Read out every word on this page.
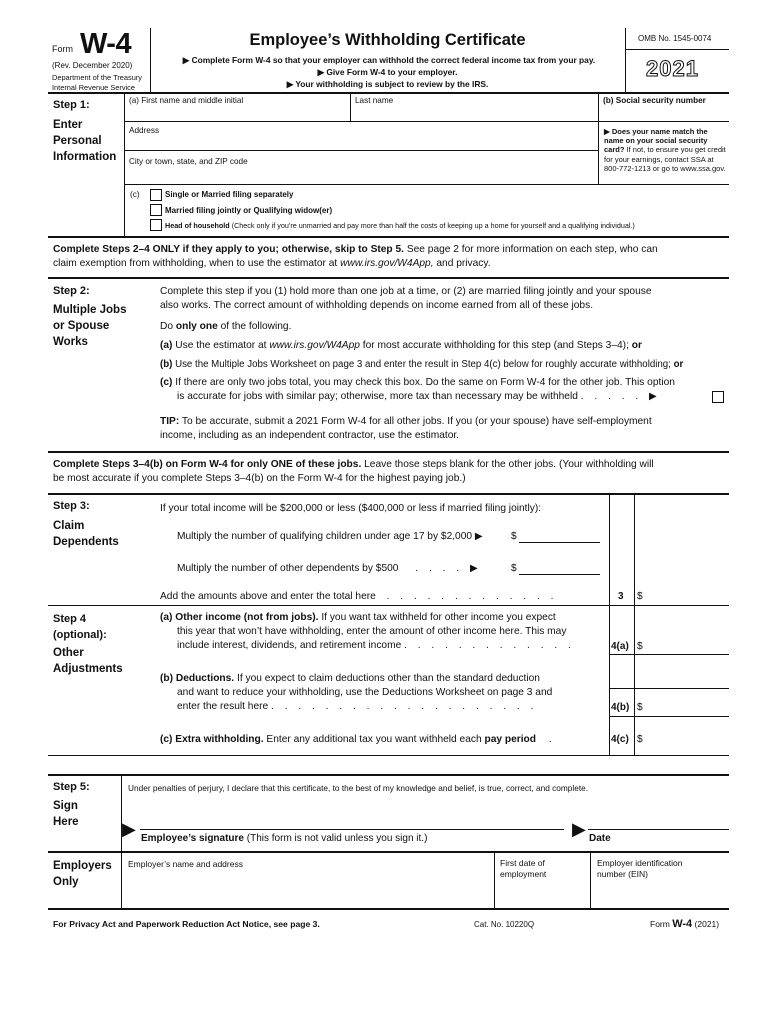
Form W-4
(Rev. December 2020)
Department of the Treasury
Internal Revenue Service
Employee’s Withholding Certificate
▶ Complete Form W-4 so that your employer can withhold the correct federal income tax from your pay.
▶ Give Form W-4 to your employer.
▶ Your withholding is subject to review by the IRS.
OMB No. 1545-0074
2021
Step 1:
Enter
Personal
Information
(a) First name and middle initial	Last name	(b) Social security number
Address
City or town, state, and ZIP code
▶ Does your name match the name on your social security card? If not, to ensure you get credit for your earnings, contact SSA at 800-772-1213 or go to www.ssa.gov.
(c)	Single or Married filing separately
Married filing jointly or Qualifying widow(er)
Head of household (Check only if you’re unmarried and pay more than half the costs of keeping up a home for yourself and a qualifying individual.)
Complete Steps 2–4 ONLY if they apply to you; otherwise, skip to Step 5. See page 2 for more information on each step, who can
claim exemption from withholding, when to use the estimator at www.irs.gov/W4App, and privacy.
Step 2:
Multiple Jobs
or Spouse
Works
Complete this step if you (1) hold more than one job at a time, or (2) are married filing jointly and your spouse
also works. The correct amount of withholding depends on income earned from all of these jobs.
Do only one of the following.
(a) Use the estimator at www.irs.gov/W4App for most accurate withholding for this step (and Steps 3–4); or
(b) Use the Multiple Jobs Worksheet on page 3 and enter the result in Step 4(c) below for roughly accurate withholding; or
(c) If there are only two jobs total, you may check this box. Do the same on Form W-4 for the other job. This option
is accurate for jobs with similar pay; otherwise, more tax than necessary may be withheld . . . . . ▶
TIP: To be accurate, submit a 2021 Form W-4 for all other jobs. If you (or your spouse) have self-employment
income, including as an independent contractor, use the estimator.
Complete Steps 3–4(b) on Form W-4 for only ONE of these jobs. Leave those steps blank for the other jobs. (Your withholding will
be most accurate if you complete Steps 3–4(b) on the Form W-4 for the highest paying job.)
Step 3:
Claim
Dependents
If your total income will be $200,000 or less ($400,000 or less if married filing jointly):
Multiply the number of qualifying children under age 17 by $2,000 ▶	$
Multiply the number of other dependents by $500 . . . . ▶	$
Add the amounts above and enter the total here . . . . . . . . . . . . .	3 $
Step 4
(optional):
Other
Adjustments
(a) Other income (not from jobs). If you want tax withheld for other income you expect
this year that won’t have withholding, enter the amount of other income here. This may
include interest, dividends, and retirement income . . . . . . . . . . . . .	4(a) $
(b) Deductions. If you expect to claim deductions other than the standard deduction
and want to reduce your withholding, use the Deductions Worksheet on page 3 and
enter the result here . . . . . . . . . . . . . . . . . . . .	4(b) $
(c) Extra withholding. Enter any additional tax you want withheld each pay period .	4(c) $
Step 5:
Sign
Here
Under penalties of perjury, I declare that this certificate, to the best of my knowledge and belief, is true, correct, and complete.
▶ Employee’s signature (This form is not valid unless you sign it.)	▶ Date
Employers
Only
Employer’s name and address	First date of
employment
Employer identification
number (EIN)
For Privacy Act and Paperwork Reduction Act Notice, see page 3.	Cat. No. 10220Q	Form W-4 (2021)
